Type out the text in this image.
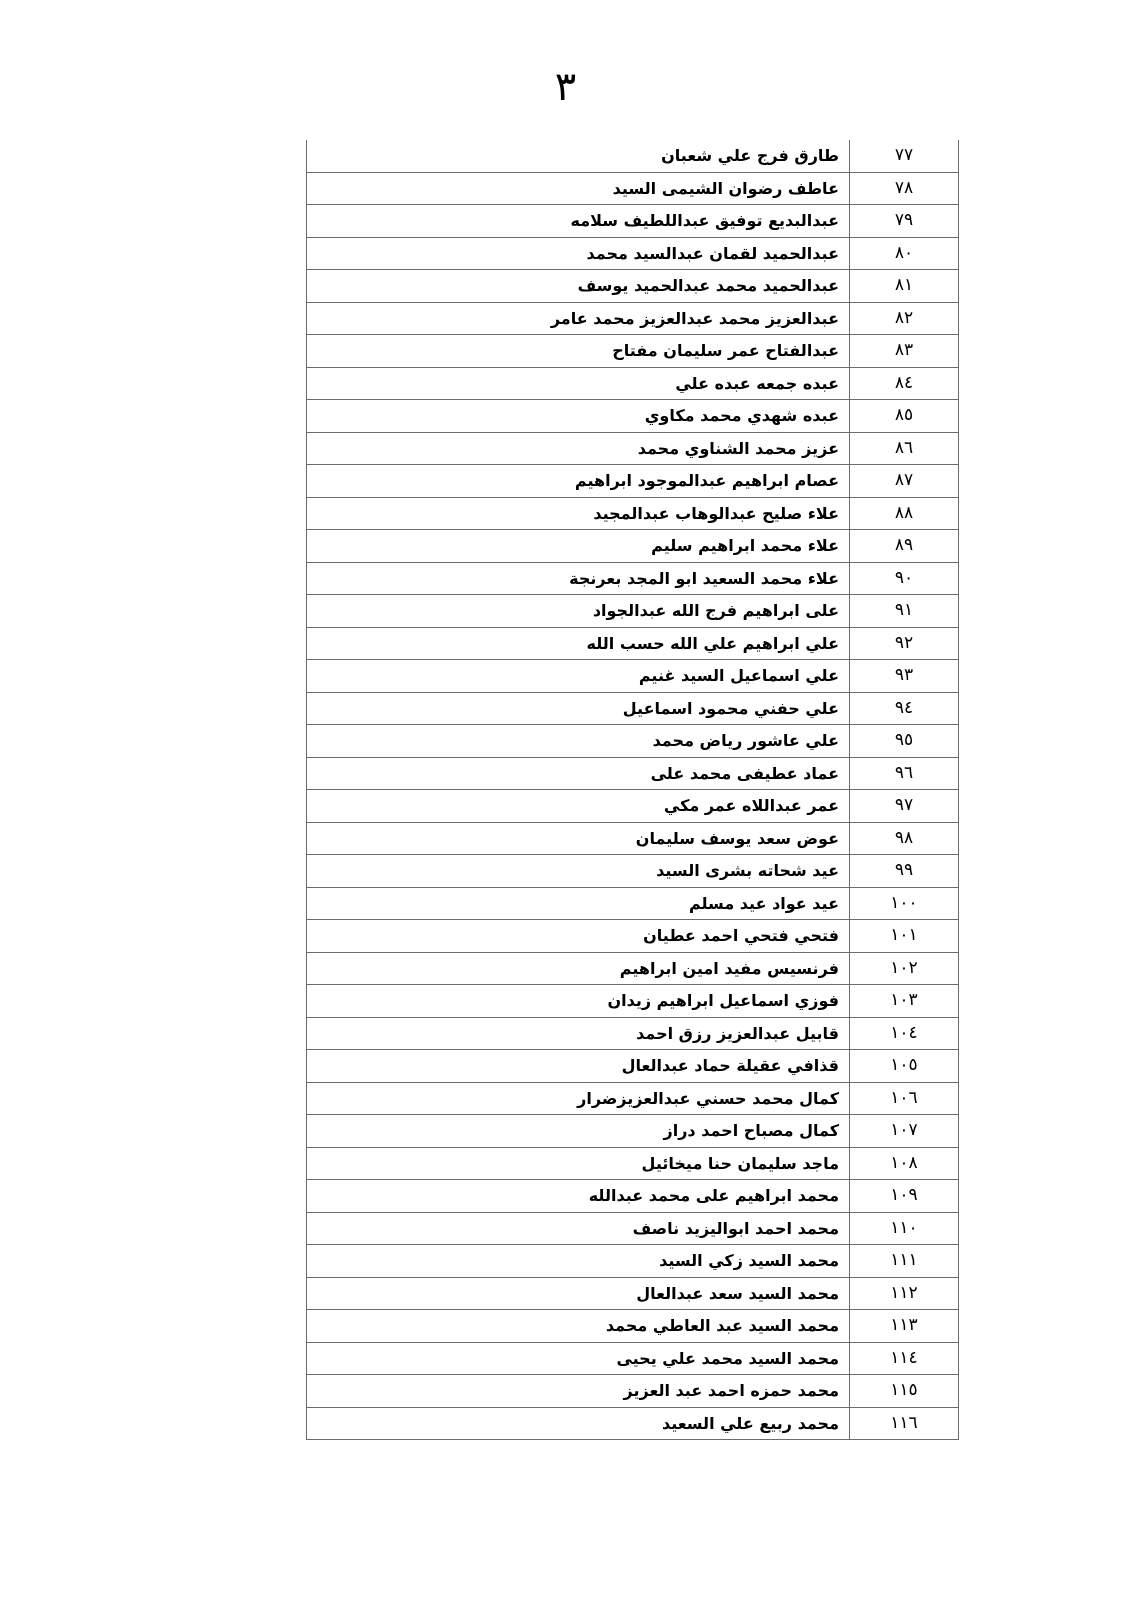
٣
٧٧	طارق فرج علي شعبان
٧٨	عاطف رضوان الشيمى السيد
٧٩	عبدالبديع توفيق عبداللطيف سلامه
٨٠	عبدالحميد لقمان عبدالسيد محمد
٨١	عبدالحميد محمد عبدالحميد يوسف
٨٢	عبدالعزيز محمد عبدالعزيز محمد عامر
٨٣	عبدالفتاح عمر سليمان مفتاح
٨٤	عبده جمعه عبده علي
٨٥	عبده شهدي محمد مكاوي
٨٦	عزيز محمد الشناوي محمد
٨٧	عصام ابراهيم عبدالموجود ابراهيم
٨٨	علاء صليح عبدالوهاب عبدالمجيد
٨٩	علاء محمد ابراهيم سليم
٩٠	علاء محمد السعيد ابو المجد بعرنجة
٩١	على ابراهيم فرج الله عبدالجواد
٩٢	علي ابراهيم علي الله حسب الله
٩٣	علي اسماعيل السيد غنيم
٩٤	علي حفني محمود اسماعيل
٩٥	علي عاشور رياض محمد
٩٦	عماد عطيفى محمد على
٩٧	عمر عبداللاه عمر مكي
٩٨	عوض سعد يوسف سليمان
٩٩	عيد شحاته بشرى السيد
١٠٠	عيد عواد عيد مسلم
١٠١	فتحي فتحي احمد عطيان
١٠٢	فرنسيس مفيد امين ابراهيم
١٠٣	فوزي اسماعيل ابراهيم زيدان
١٠٤	قابيل عبدالعزيز رزق احمد
١٠٥	قذافي عقيلة حماد عبدالعال
١٠٦	كمال محمد حسني عبدالعزيزضرار
١٠٧	كمال مصباح احمد دراز
١٠٨	ماجد سليمان حنا ميخائيل
١٠٩	محمد ابراهيم على محمد عبدالله
١١٠	محمد احمد ابواليزيد ناصف
١١١	محمد السيد زكي السيد
١١٢	محمد السيد سعد عبدالعال
١١٣	محمد السيد عبد العاطي محمد
١١٤	محمد السيد محمد علي يحيى
١١٥	محمد حمزه احمد عبد العزيز
١١٦	محمد ربيع علي السعيد
